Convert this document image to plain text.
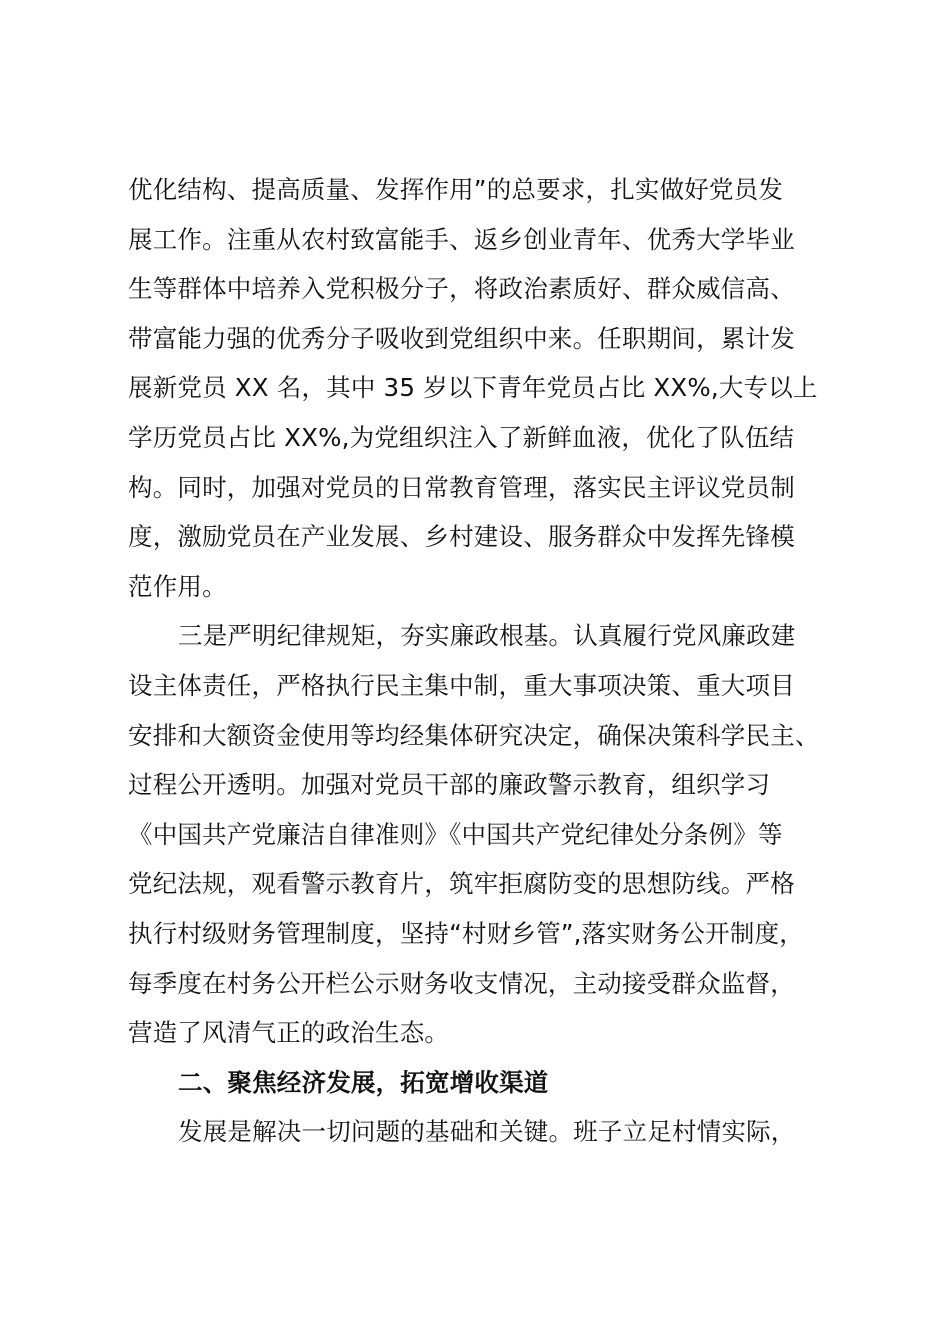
优化结构、提高质量、发挥作用”的总要求，扎实做好党员发
展工作。注重从农村致富能手、返乡创业青年、优秀大学毕业
生等群体中培养入党积极分子，将政治素质好、群众威信高、
带富能力强的优秀分子吸收到党组织中来。任职期间，累计发
展新党员 XX 名，其中 35 岁以下青年党员占比 XX%,大专以上
学历党员占比 XX%,为党组织注入了新鲜血液，优化了队伍结
构。同时，加强对党员的日常教育管理，落实民主评议党员制
度，激励党员在产业发展、乡村建设、服务群众中发挥先锋模
范作用。
三是严明纪律规矩，夯实廉政根基。认真履行党风廉政建
设主体责任，严格执行民主集中制，重大事项决策、重大项目
安排和大额资金使用等均经集体研究决定，确保决策科学民主、
过程公开透明。加强对党员干部的廉政警示教育，组织学习
《中国共产党廉洁自律准则》《中国共产党纪律处分条例》等
党纪法规，观看警示教育片，筑牢拒腐防变的思想防线。严格
执行村级财务管理制度，坚持“村财乡管”,落实财务公开制度，
每季度在村务公开栏公示财务收支情况，主动接受群众监督，
营造了风清气正的政治生态。
二、聚焦经济发展，拓宽增收渠道
发展是解决一切问题的基础和关键。班子立足村情实际，
